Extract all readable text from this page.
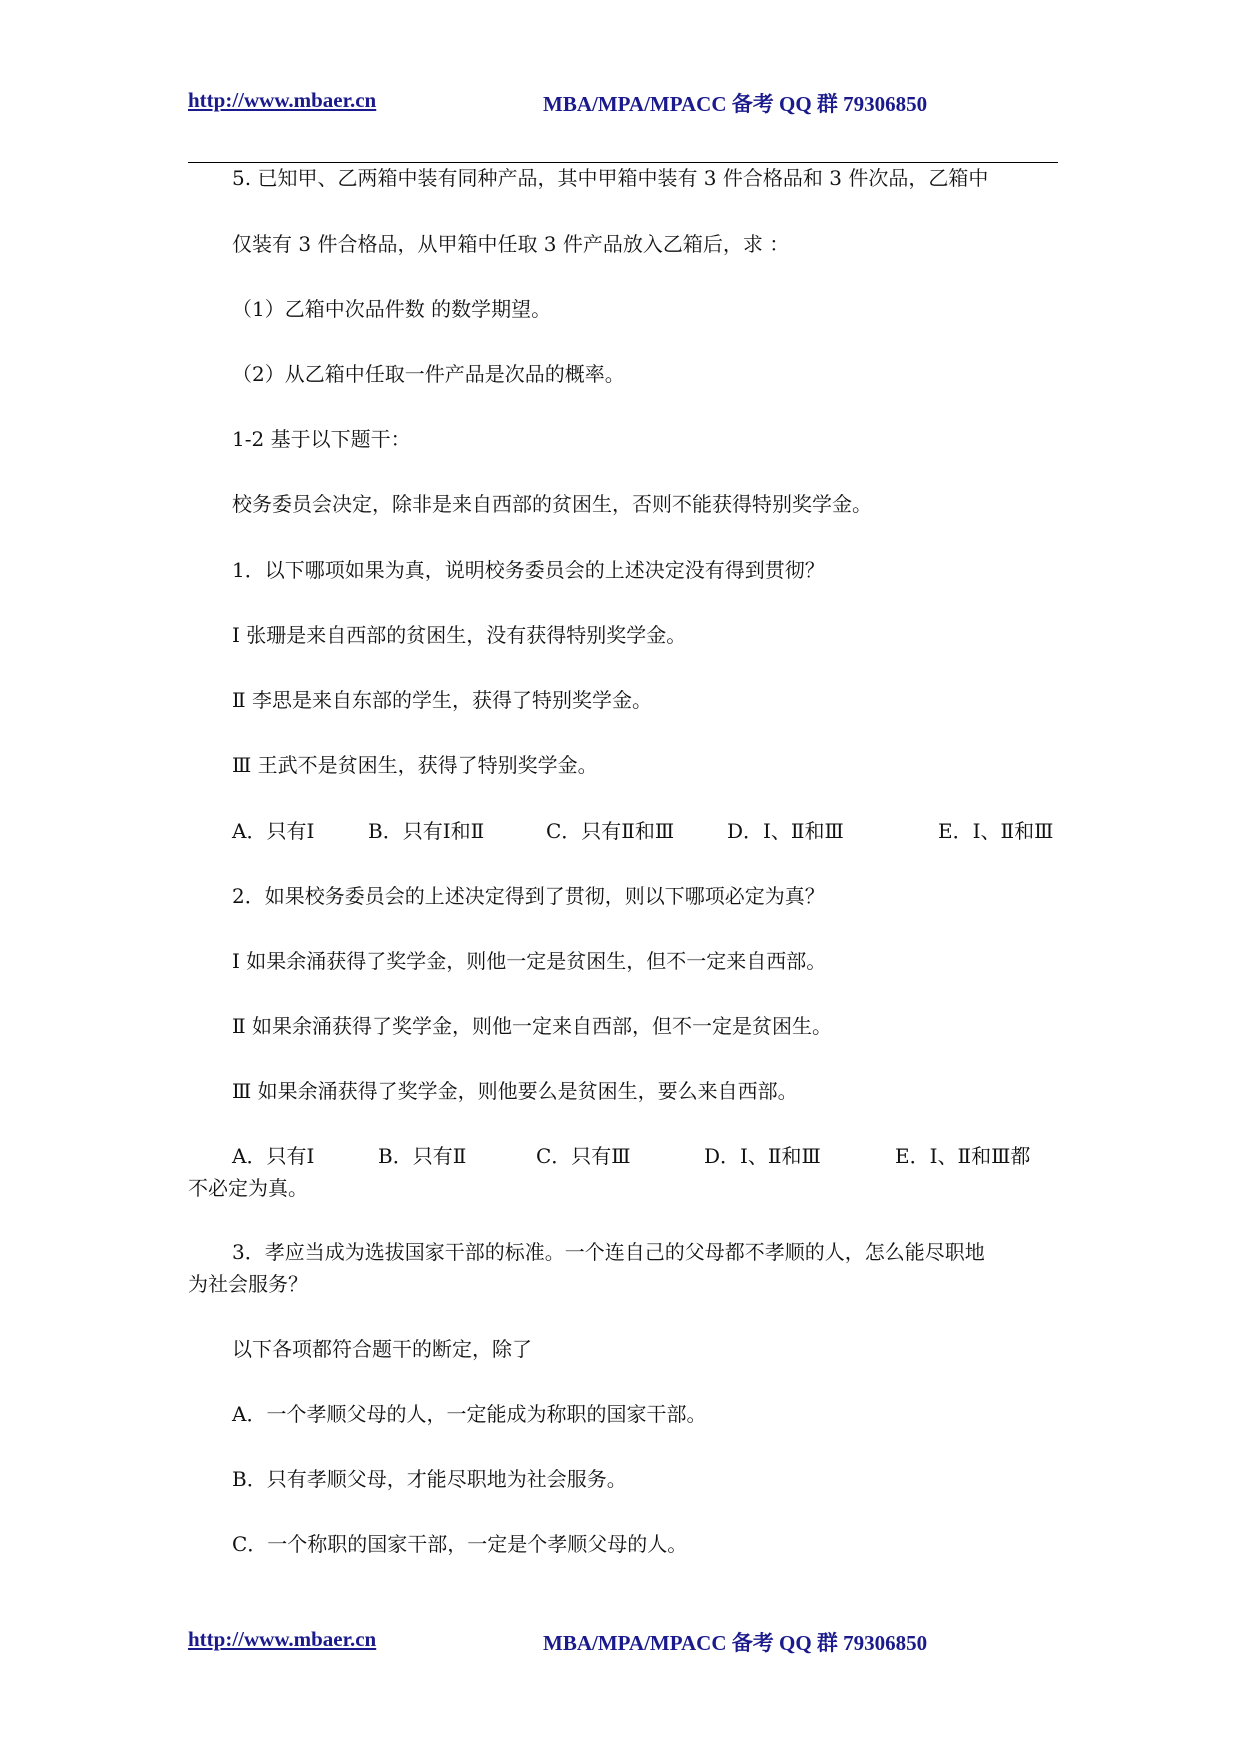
http://www.mbaer.cn	MBA/MPA/MPACC 备考 QQ 群 79306850
5. 已知甲、乙两箱中装有同种产品，其中甲箱中装有 3 件合格品和 3 件次品，乙箱中
仅装有 3 件合格品，从甲箱中任取 3 件产品放入乙箱后，求 ：
（1）乙箱中次品件数 的数学期望。
（2）从乙箱中任取一件产品是次品的概率。
1-2 基于以下题干：
校务委员会决定，除非是来自西部的贫困生，否则不能获得特别奖学金。
1．以下哪项如果为真，说明校务委员会的上述决定没有得到贯彻？
Ⅰ 张珊是来自西部的贫困生，没有获得特别奖学金。
Ⅱ 李思是来自东部的学生，获得了特别奖学金。
Ⅲ 王武不是贫困生，获得了特别奖学金。
A．只有Ⅰ	B．只有Ⅰ和Ⅱ	C．只有Ⅱ和Ⅲ	D．Ⅰ、Ⅱ和Ⅲ	E．Ⅰ、Ⅱ和Ⅲ
2．如果校务委员会的上述决定得到了贯彻，则以下哪项必定为真？
Ⅰ 如果余涌获得了奖学金，则他一定是贫困生，但不一定来自西部。
Ⅱ 如果余涌获得了奖学金，则他一定来自西部，但不一定是贫困生。
Ⅲ 如果余涌获得了奖学金，则他要么是贫困生，要么来自西部。
A．只有Ⅰ	B．只有Ⅱ	C．只有Ⅲ	D．Ⅰ、Ⅱ和Ⅲ	E．Ⅰ、Ⅱ和Ⅲ都
不必定为真。
3．孝应当成为选拔国家干部的标准。一个连自己的父母都不孝顺的人，怎么能尽职地
为社会服务？
以下各项都符合题干的断定，除了
A．一个孝顺父母的人，一定能成为称职的国家干部。
B．只有孝顺父母，才能尽职地为社会服务。
C．一个称职的国家干部，一定是个孝顺父母的人。
http://www.mbaer.cn	MBA/MPA/MPACC 备考 QQ 群 79306850
